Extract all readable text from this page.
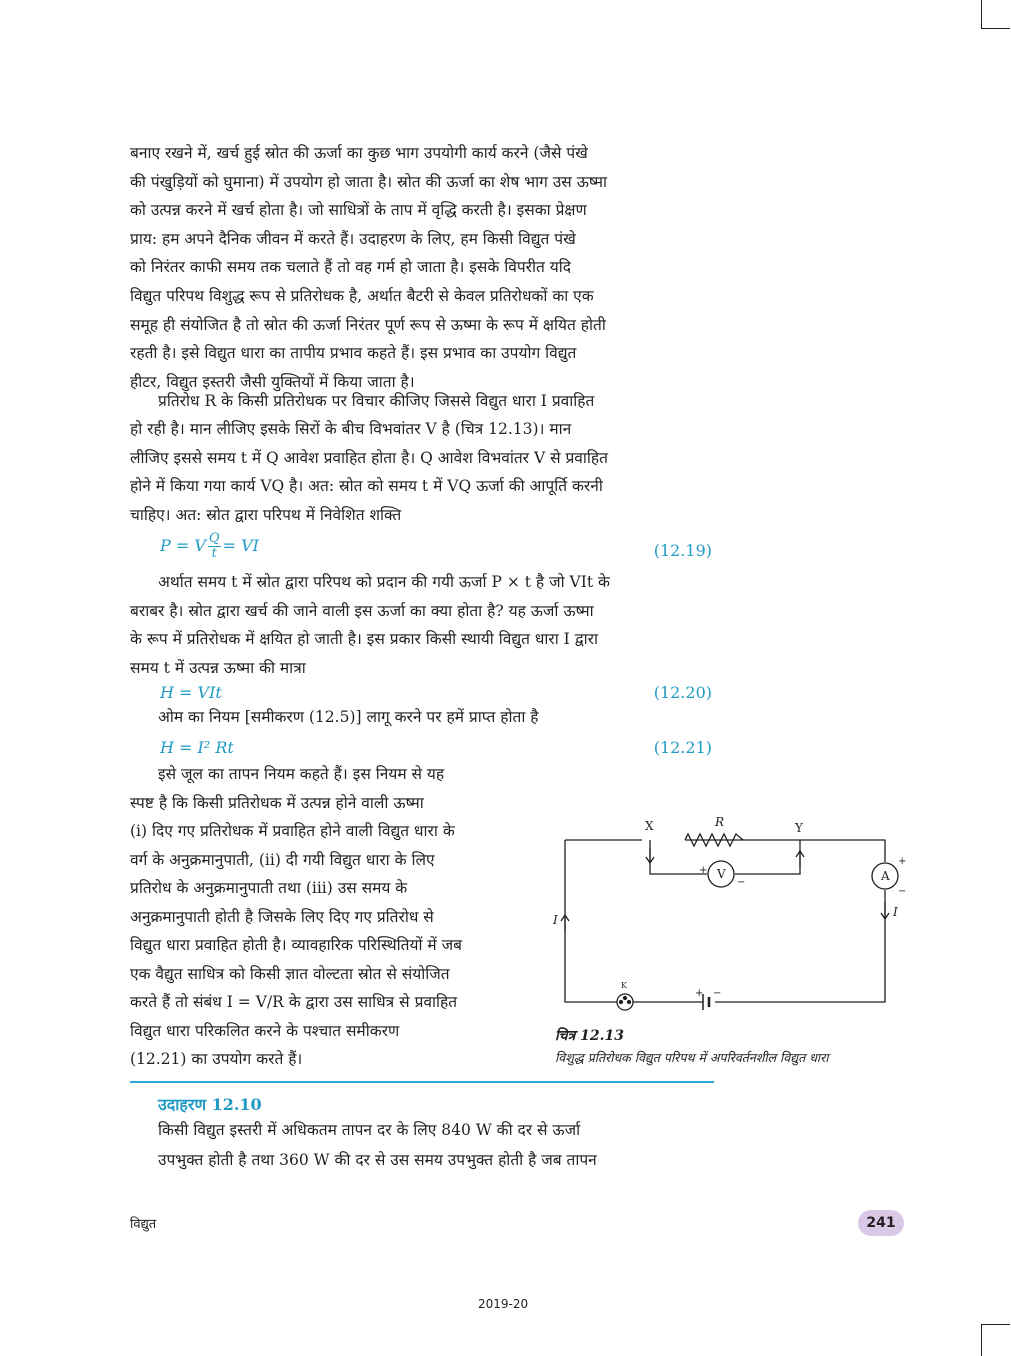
बनाए रखने में, खर्च हुई स्रोत की ऊर्जा का कुछ भाग उपयोगी कार्य करने (जैसे पंखे

की पंखुड़ियों को घुमाना) में उपयोग हो जाता है। स्रोत की ऊर्जा का शेष भाग उस ऊष्मा

को उत्पन्न करने में खर्च होता है। जो साधित्रों के ताप में वृद्धि करती है। इसका प्रेक्षण

प्राय: हम अपने दैनिक जीवन में करते हैं। उदाहरण के लिए, हम किसी विद्युत पंखे

को निरंतर काफी समय तक चलाते हैं तो वह गर्म हो जाता है। इसके विपरीत यदि

विद्युत परिपथ विशुद्ध रूप से प्रतिरोधक है, अर्थात बैटरी से केवल प्रतिरोधकों का एक

समूह ही संयोजित है तो स्रोत की ऊर्जा निरंतर पूर्ण रूप से ऊष्मा के रूप में क्षयित होती

रहती है। इसे विद्युत धारा का तापीय प्रभाव कहते हैं। इस प्रभाव का उपयोग विद्युत

हीटर, विद्युत इस्तरी जैसी युक्तियों में किया जाता है।

प्रतिरोध R के किसी प्रतिरोधक पर विचार कीजिए जिससे विद्युत धारा I प्रवाहित

हो रही है। मान लीजिए इसके सिरों के बीच विभवांतर V है (चित्र 12.13)। मान

लीजिए इससे समय t में Q आवेश प्रवाहित होता है। Q आवेश विभवांतर V से प्रवाहित

होने में किया गया कार्य VQ है। अत: स्रोत को समय t में VQ ऊर्जा की आपूर्ति करनी

चाहिए। अत: स्रोत द्वारा परिपथ में निवेशित शक्ति

P = V $\frac{Q}{t}$ = VI	(12.19)

अर्थात समय t में स्रोत द्वारा परिपथ को प्रदान की गयी ऊर्जा P × t है जो VIt के

बराबर है। स्रोत द्वारा खर्च की जाने वाली इस ऊर्जा का क्या होता है? यह ऊर्जा ऊष्मा

के रूप में प्रतिरोधक में क्षयित हो जाती है। इस प्रकार किसी स्थायी विद्युत धारा I द्वारा

समय t में उत्पन्न ऊष्मा की मात्रा

H = VIt	(12.20)

ओम का नियम [समीकरण (12.5)] लागू करने पर हमें प्राप्त होता है

H = I² Rt	(12.21)

इसे जूल का तापन नियम कहते हैं। इस नियम से यह

स्पष्ट है कि किसी प्रतिरोधक में उत्पन्न होने वाली ऊष्मा

(i) दिए गए प्रतिरोधक में प्रवाहित होने वाली विद्युत धारा के

वर्ग के अनुक्रमानुपाती, (ii) दी गयी विद्युत धारा के लिए

प्रतिरोध के अनुक्रमानुपाती तथा (iii) उस समय के

अनुक्रमानुपाती होती है जिसके लिए दिए गए प्रतिरोध से

विद्युत धारा प्रवाहित होती है। व्यावहारिक परिस्थितियों में जब

एक वैद्युत साधित्र को किसी ज्ञात वोल्टता स्रोत से संयोजित

करते हैं तो संबंध I = V/R के द्वारा उस साधित्र से प्रवाहित

विद्युत धारा परिकलित करने के पश्चात समीकरण

(12.21) का उपयोग करते हैं।

X	Y
R
V	A
I
I
K
+
−
+
−
+ −
चित्र 12.13
विशुद्ध प्रतिरोधक विद्युत परिपथ में अपरिवर्तनशील विद्युत धारा
उदाहरण 12.10

किसी विद्युत इस्तरी में अधिकतम तापन दर के लिए 840 W की दर से ऊर्जा

उपभुक्त होती है तथा 360 W की दर से उस समय उपभुक्त होती है जब तापन

विद्युत	241
2019-20
